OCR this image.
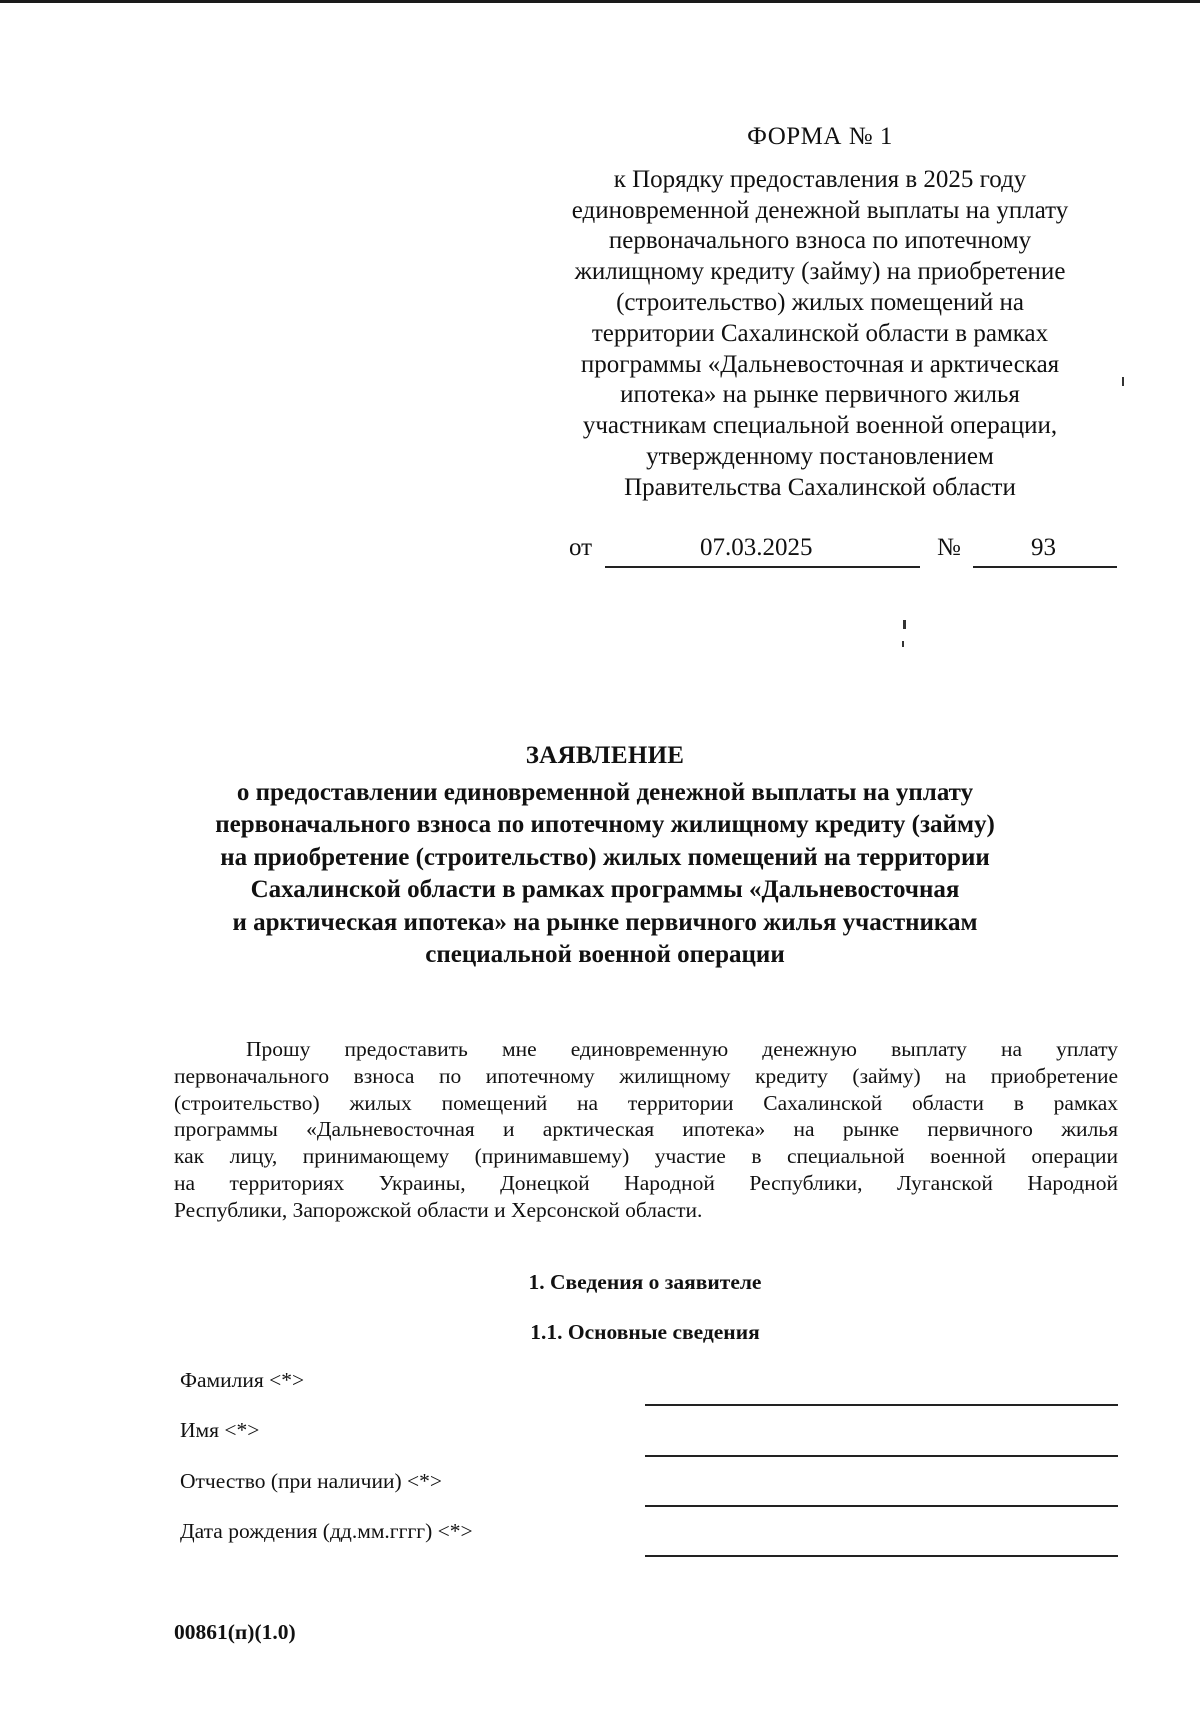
ФОРМА № 1
к Порядку предоставления в 2025 году
единовременной денежной выплаты на уплату
первоначального взноса по ипотечному
жилищному кредиту (займу) на приобретение
(строительство) жилых помещений на
территории Сахалинской области в рамках
программы «Дальневосточная и арктическая
ипотека» на рынке первичного жилья
участникам специальной военной операции,
утвержденному постановлением
Правительства Сахалинской области
от	07.03.2025	№	93
ЗАЯВЛЕНИЕ
о предоставлении единовременной денежной выплаты на уплату
первоначального взноса по ипотечному жилищному кредиту (займу)
на приобретение (строительство) жилых помещений на территории
Сахалинской области в рамках программы «Дальневосточная
и арктическая ипотека» на рынке первичного жилья участникам
специальной военной операции
Прошу предоставить мне единовременную денежную выплату на уплату
первоначального взноса по ипотечному жилищному кредиту (займу) на приобретение
(строительство) жилых помещений на территории Сахалинской области в рамках
программы «Дальневосточная и арктическая ипотека» на рынке первичного жилья
как лицу, принимающему (принимавшему) участие в специальной военной операции
на территориях Украины, Донецкой Народной Республики, Луганской Народной
Республики, Запорожской области и Херсонской области.
1. Сведения о заявителе
1.1. Основные сведения
Фамилия <*>
Имя <*>
Отчество (при наличии) <*>
Дата рождения (дд.мм.гггг) <*>
00861(п)(1.0)
